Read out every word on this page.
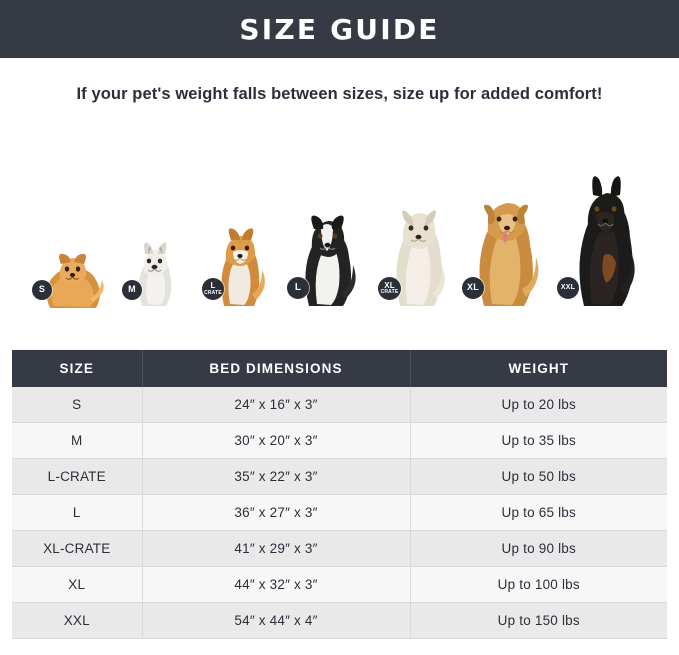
SIZE GUIDE
If your pet's weight falls between sizes, size up for added comfort!
S	M	L
CRATE	L	XL
CRATE	XL	XXL
SIZE	BED DIMENSIONS	WEIGHT
S	24″ x 16″ x 3″	Up to 20 lbs
M	30″ x 20″ x 3″	Up to 35 lbs
L-CRATE	35″ x 22″ x 3″	Up to 50 lbs
L	36″ x 27″ x 3″	Up to 65 lbs
XL-CRATE	41″ x 29″ x 3″	Up to 90 lbs
XL	44″ x 32″ x 3″	Up to 100 lbs
XXL	54″ x 44″ x 4″	Up to 150 lbs
